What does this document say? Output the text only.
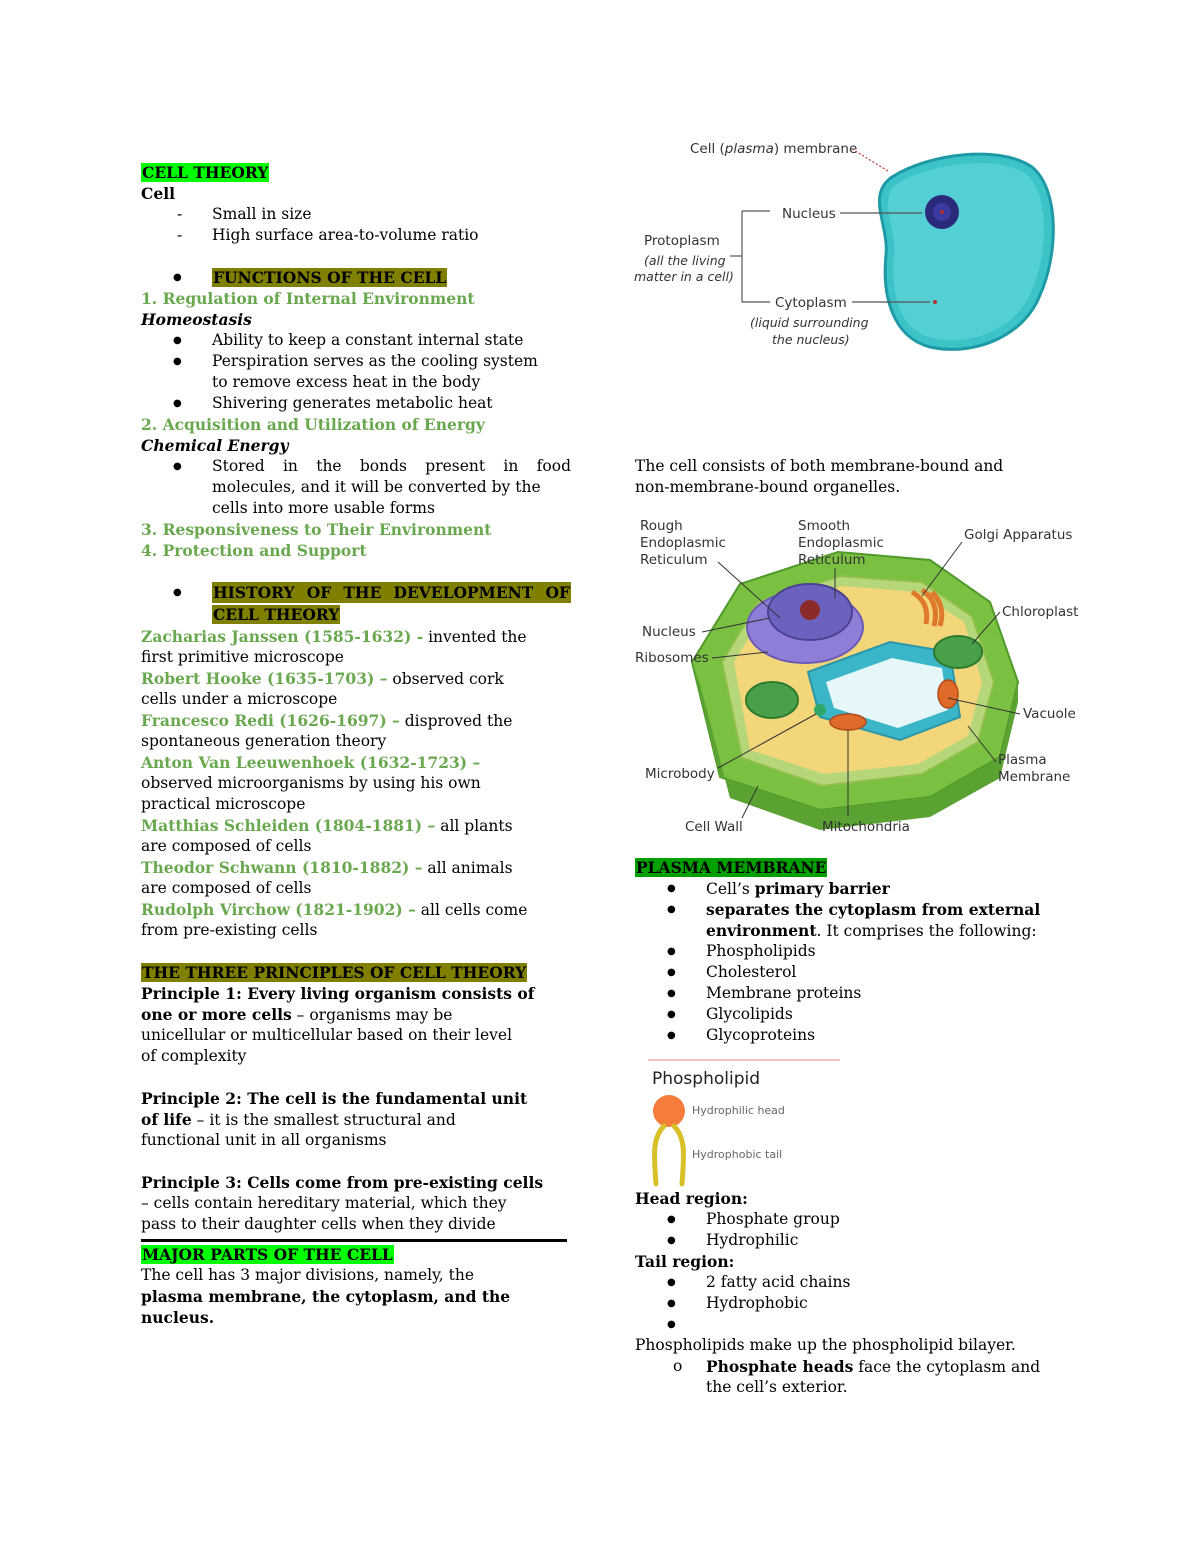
CELL THEORY
Cell
- Small in size
- High surface area-to-volume ratio
● FUNCTIONS OF THE CELL
1. Regulation of Internal Environment
Homeostasis
● Ability to keep a constant internal state
● Perspiration serves as the cooling system
to remove excess heat in the body
● Shivering generates metabolic heat
2. Acquisition and Utilization of Energy
Chemical Energy
● Stored in the bonds present in food
molecules, and it will be converted by the
cells into more usable forms
3. Responsiveness to Their Environment
4. Protection and Support
● HISTORY OF THE DEVELOPMENT OF
CELL THEORY
Zacharias Janssen (1585-1632) - invented the
first primitive microscope
Robert Hooke (1635-1703) – observed cork
cells under a microscope
Francesco Redi (1626-1697) – disproved the
spontaneous generation theory
Anton Van Leeuwenhoek (1632-1723) –
observed microorganisms by using his own
practical microscope
Matthias Schleiden (1804-1881) – all plants
are composed of cells
Theodor Schwann (1810-1882) – all animals
are composed of cells
Rudolph Virchow (1821-1902) – all cells come
from pre-existing cells
THE THREE PRINCIPLES OF CELL THEORY
Principle 1: Every living organism consists of
one or more cells – organisms may be
unicellular or multicellular based on their level
of complexity
Principle 2: The cell is the fundamental unit
of life – it is the smallest structural and
functional unit in all organisms
Principle 3: Cells come from pre-existing cells
– cells contain hereditary material, which they
pass to their daughter cells when they divide
MAJOR PARTS OF THE CELL
The cell has 3 major divisions, namely, the
plasma membrane, the cytoplasm, and the
nucleus.
Cell (plasma) membrane
Nucleus
Protoplasm
(all the living
matter in a cell)
Cytoplasm
(liquid surrounding
the nucleus)
The cell consists of both membrane-bound and
non-membrane-bound organelles.
Rough
Endoplasmic
Reticulum
Smooth
Endoplasmic
Reticulum
Golgi Apparatus
Chloroplast
Nucleus
Ribosomes
Vacuole
Plasma
Membrane
Microbody
Cell Wall	Mitochondria
PLASMA MEMBRANE
● Cell’s primary barrier
● separates the cytoplasm from external
environment. It comprises the following:
● Phospholipids
● Cholesterol
● Membrane proteins
● Glycolipids
● Glycoproteins
Phospholipid
Hydrophilic head
Hydrophobic tail
Head region:
● Phosphate group
● Hydrophilic
Tail region:
● 2 fatty acid chains
● Hydrophobic
●
Phospholipids make up the phospholipid bilayer.
o Phosphate heads face the cytoplasm and
the cell’s exterior.
